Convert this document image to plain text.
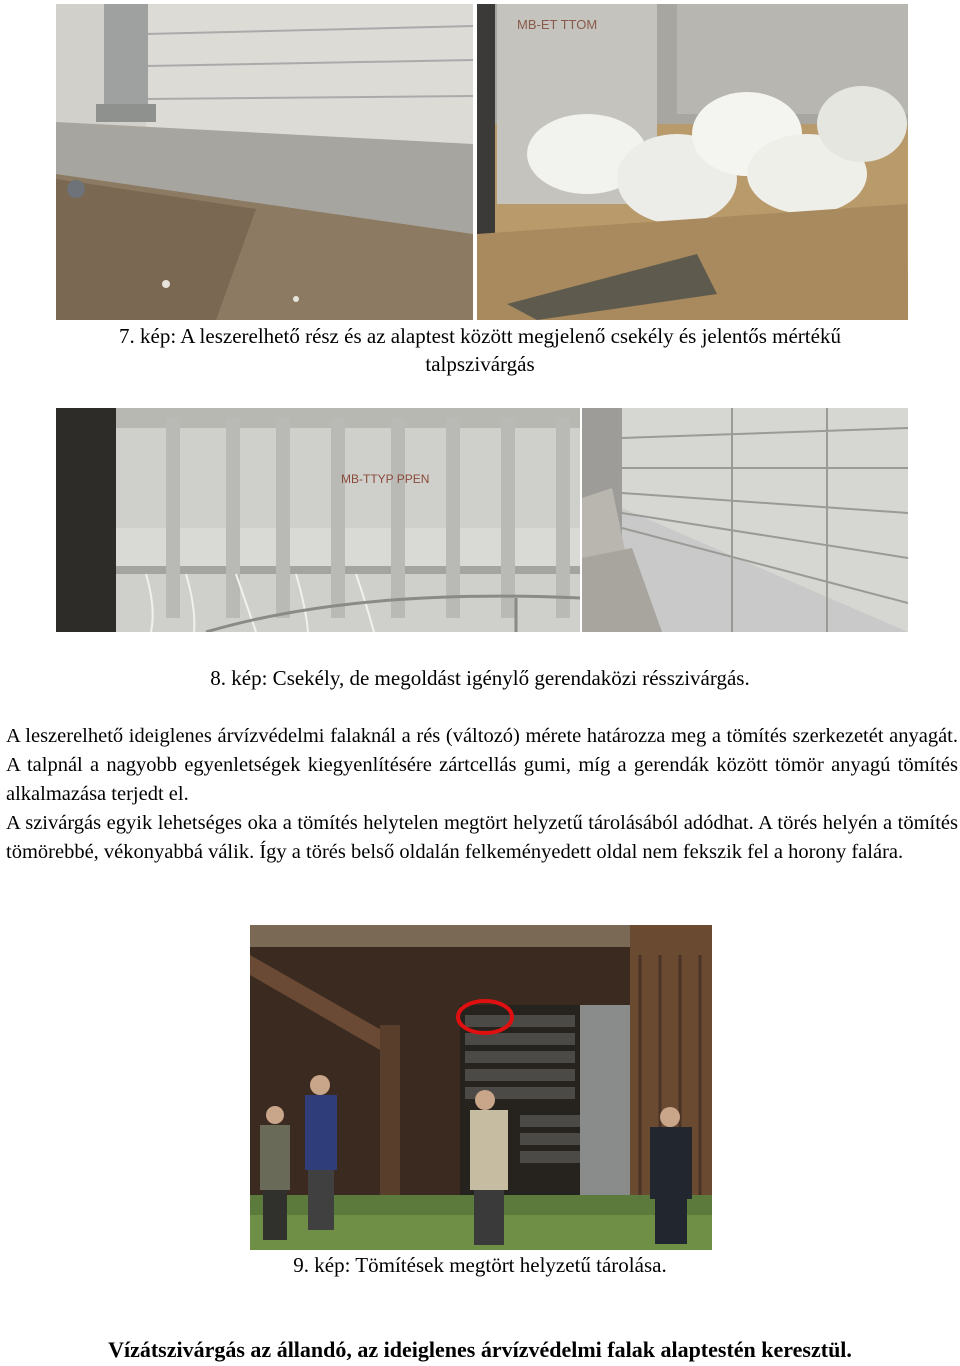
MB-ET TTOM
7. kép: A leszerelhető rész és az alaptest között megjelenő csekély és jelentős mértékű
talpszivárgás
MB-TTYP PPEN
8. kép: Csekély, de megoldást igénylő gerendaközi résszivárgás.

A leszerelhető ideiglenes árvízvédelmi falaknál a rés (változó) mérete határozza meg a tömítés szerkezetét anyagát. A talpnál a nagyobb egyenletségek kiegyenlítésére zártcellás gumi, míg a gerendák között tömör anyagú tömítés alkalmazása terjedt el.

A szivárgás egyik lehetséges oka a tömítés helytelen megtört helyzetű tárolásából adódhat. A törés helyén a tömítés tömörebbé, vékonyabbá válik. Így a törés belső oldalán felkeményedett oldal nem fekszik fel a horony falára.

9. kép: Tömítések megtört helyzetű tárolása.
Vízátszivárgás az állandó, az ideiglenes árvízvédelmi falak alaptestén keresztül.
